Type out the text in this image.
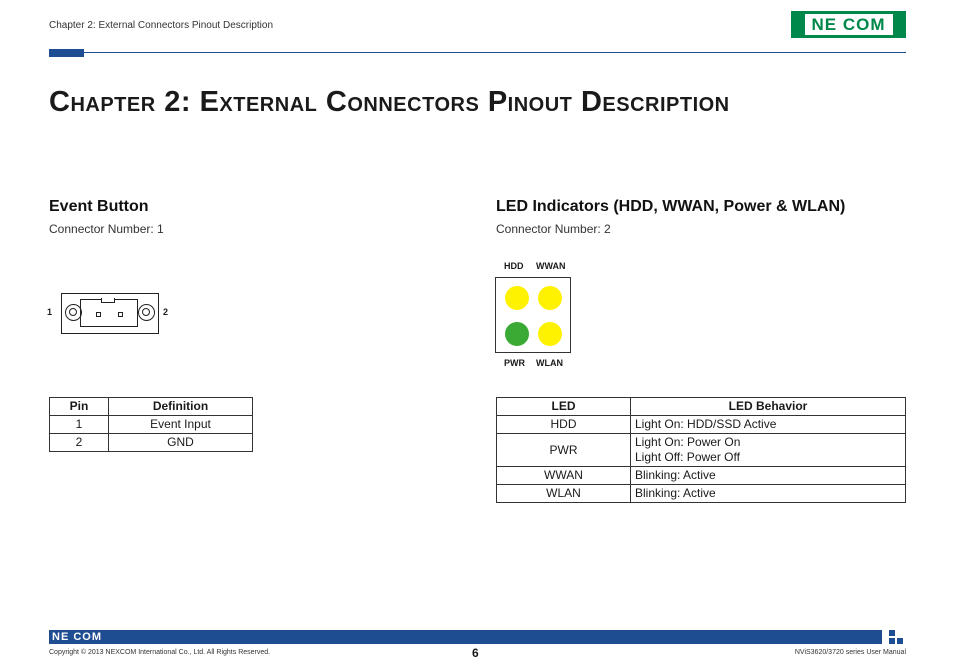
Chapter 2: External Connectors Pinout Description	NE COM
Chapter 2: External Connectors Pinout Description
Event Button
Connector Number: 1
1	2
Pin	Definition
1	Event Input
2	GND
LED Indicators (HDD, WWAN, Power & WLAN)
Connector Number: 2
HDD WWAN
PWR WLAN
LED	LED Behavior
HDD	Light On: HDD/SSD Active

PWR	Light On: Power On
Light Off: Power Off

WWAN	Blinking: Active

WLAN	Blinking: Active
NE COM
Copyright © 2013 NEXCOM International Co., Ltd. All Rights Reserved.	6	NViS3620/3720 series User Manual
